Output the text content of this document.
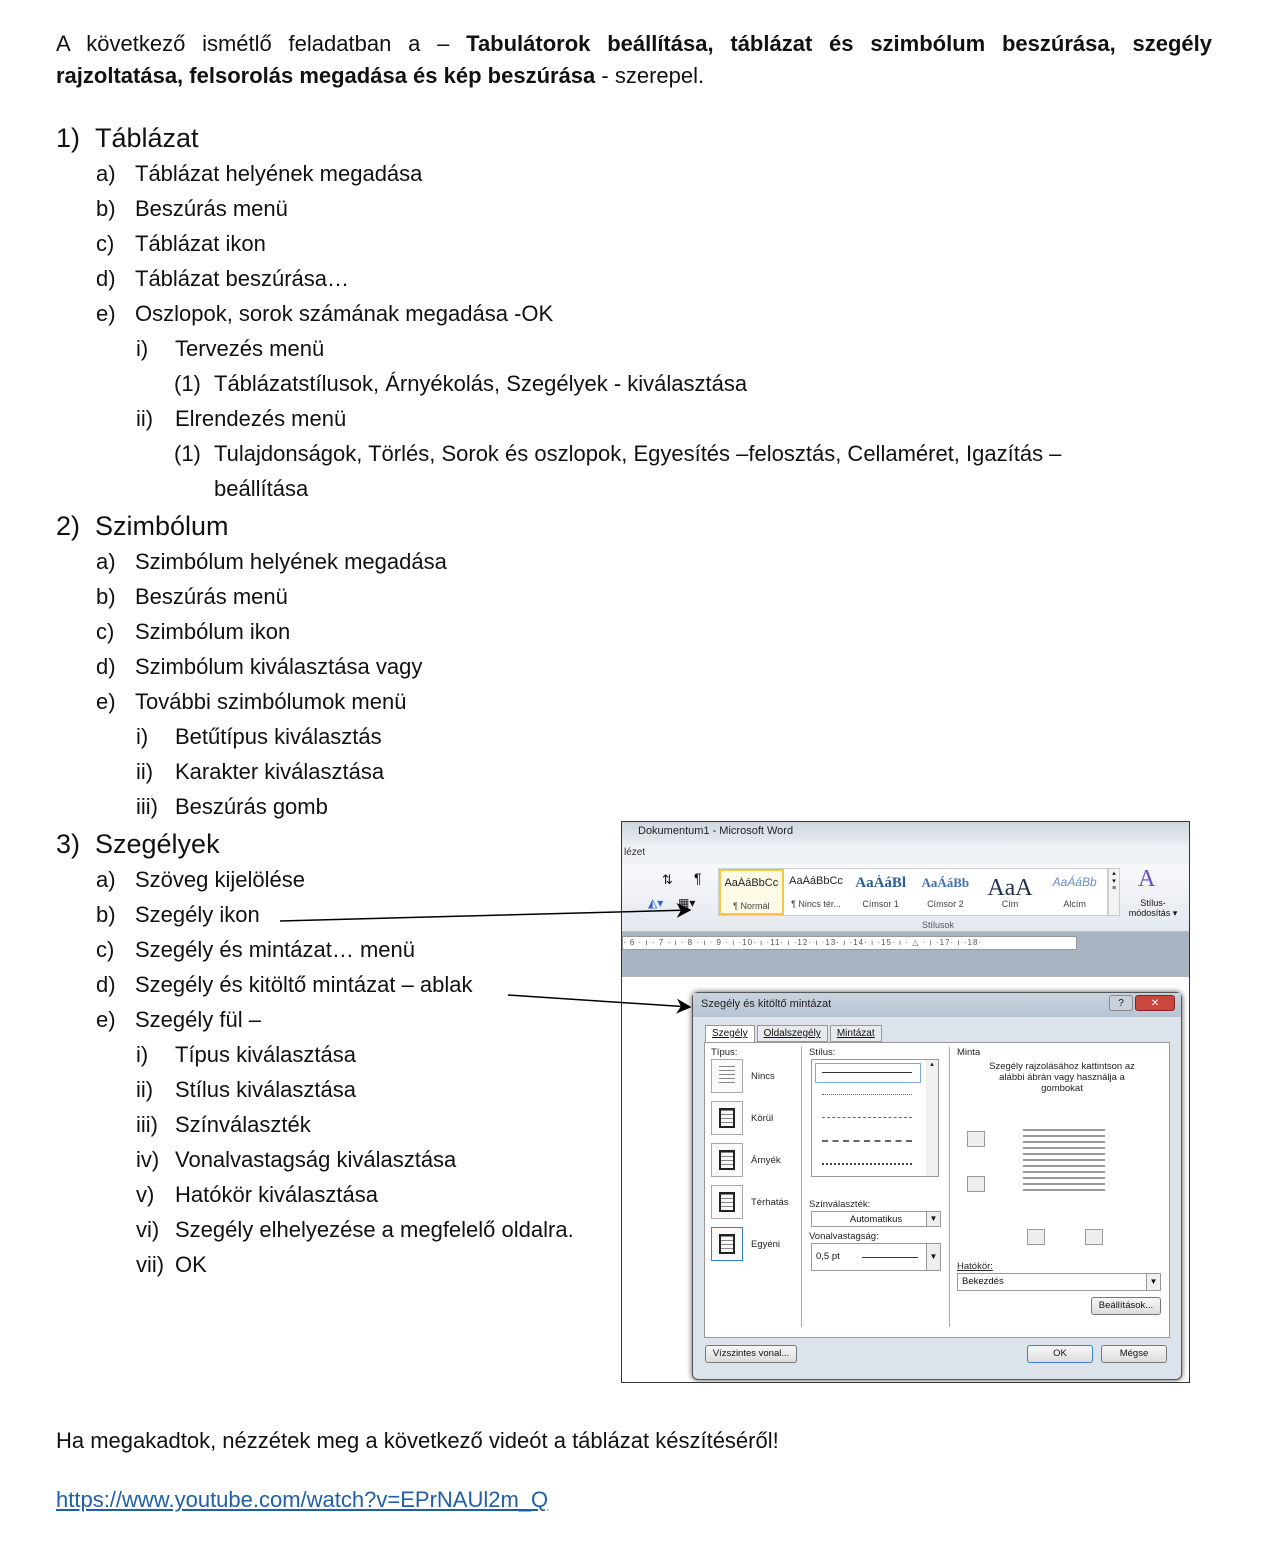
A következő ismétlő feladatban a – Tabulátorok beállítása, táblázat és szimbólum beszúrása, szegély rajzoltatása, felsorolás megadása és kép beszúrása - szerepel.
1) Táblázat
a) Táblázat helyének megadása
b) Beszúrás menü
c) Táblázat ikon
d) Táblázat beszúrása…
e) Oszlopok, sorok számának megadása -OK
i) Tervezés menü
(1) Táblázatstílusok, Árnyékolás, Szegélyek - kiválasztása
ii) Elrendezés menü
(1) Tulajdonságok, Törlés, Sorok és oszlopok, Egyesítés –felosztás, Cellaméret, Igazítás –
beállítása
2) Szimbólum
a) Szimbólum helyének megadása
b) Beszúrás menü
c) Szimbólum ikon
d) Szimbólum kiválasztása vagy
e) További szimbólumok menü
i) Betűtípus kiválasztás
ii) Karakter kiválasztása
iii) Beszúrás gomb
3) Szegélyek
a) Szöveg kijelölése
b) Szegély ikon
c) Szegély és mintázat… menü
d) Szegély és kitöltő mintázat – ablak
e) Szegély fül –
i) Típus kiválasztása
ii) Stílus kiválasztása
iii) Színválaszték
iv) Vonalvastagság kiválasztása
v) Hatókör kiválasztása
vi) Szegély elhelyezése a megfelelő oldalra.
vii) OK
Dokumentum1 - Microsoft Word
lézet
⇅ ¶
◭▾ ▦▾
AaÁáBbCc
¶ Normál
AaÁáBbCc
¶ Nincs tér...
AaÁáBl
Címsor 1
AaÁáBb
Címsor 2
AaA
Cím
AaÁáBb
Alcím
▴
▾
≡ A
Stílus-módosítás ▾
Stílusok
· 6 · ı · 7 · ı · 8 · ı · 9 · ı ·10· ı ·11· ı ·12· ı ·13· ı ·14· ı ·15· ı · △ · ı ·17· ı ·18·
Szegély és kitöltő mintázat	?	✕
Szegély	Oldalszegély	Mintázat
Típus:
Nincs
Körül
Árnyék
Térhatás
Egyéni
Stílus:
▴
Színválaszték:
Automatikus	▼
Vonalvastagság:
0,5 pt	▼
Minta
Szegély rajzolásához kattintson az alábbi ábrán vagy használja a gombokat
Hatókör:
Bekezdés	▼
Beállítások...
Vízszintes vonal...	OK	Mégse
Ha megakadtok, nézzétek meg a következő videót a táblázat készítéséről!
https://www.youtube.com/watch?v=EPrNAUl2m_Q
